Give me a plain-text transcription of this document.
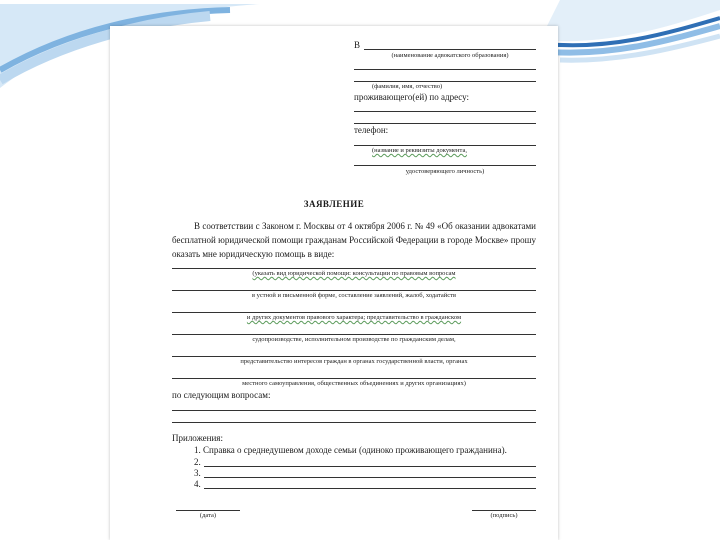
В
(наименование адвокатского образования)
(фамилия, имя, отчество)
проживающего(ей) по адресу:
телефон:
(название и реквизиты документа,
удостоверяющего личность)
ЗАЯВЛЕНИЕ
В соответствии с Законом г. Москвы от 4 октября 2006 г. № 49 «Об оказании адвокатами бесплатной юридической помощи гражданам Российской Федерации в городе Москве» прошу оказать мне юридическую помощь в виде:
(указать вид юридической помощи: консультации по правовым вопросам
в устной и письменной форме, составление заявлений, жалоб, ходатайств
и других документов правового характера; представительство в гражданском
судопроизводстве, исполнительном производстве по гражданским делам,
представительство интересов граждан в органах государственной власти, органах
местного самоуправления, общественных объединениях и других организациях)
по следующим вопросам:
Приложения:
1. Справка о среднедушевом доходе семьи (одиноко проживающего гражданина).
2.
3.
4.
(дата)	(подпись)
